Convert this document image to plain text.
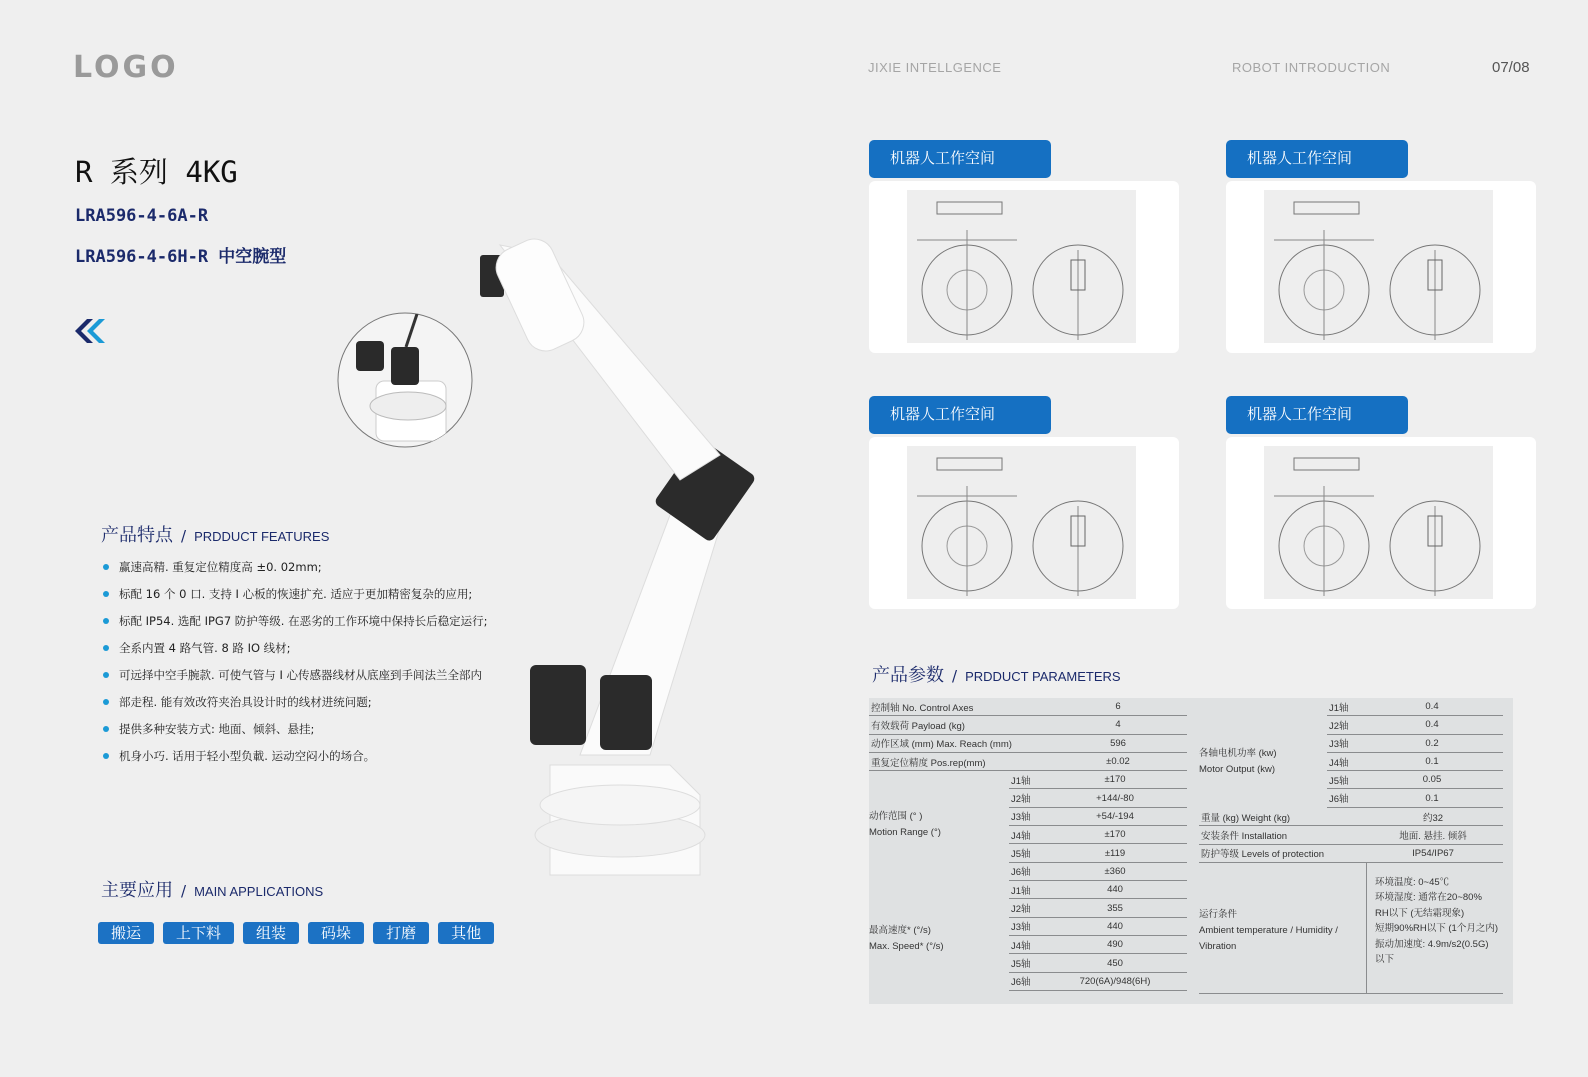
LOGO	JIXIE INTELLGENCE	ROBOT INTRODUCTION	07/08
R 系列 4KG
LRA596-4-6A-R
LRA596-4-6H-R 中空腕型
产品特点 / PRDDUCT FEATURES
赢速高精. 重复定位精度高 ±0. 02mm;
标配 16 个 0 口. 支持 I 心板的恢速扩充. 适应于更加精密复杂的应用;
标配 IP54. 选配 IPG7 防护等级. 在恶劣的工作环境中保持长后稳定运行;
全系内置 4 路气管. 8 路 IO 线材;
可远择中空手腕款. 可使气管与 I 心传感器线材从底座到手闾法兰全部内
部走程. 能有效改符夹治具设计时的线材进统问题;
提供多种安装方式: 地面、倾斜、悬挂;
机身小巧. 话用于轻小型负載. 运动空闷小的场合。
主要应用 / MAIN APPLICATIONS
搬运	上下料	组装	码垛	打磨	其他
机器人工作空间	机器人工作空间
机器人工作空间	机器人工作空间
产品参数 / PRDDUCT PARAMETERS
控制轴 No. Control Axes	6
有效载荷 Payload (kg)	4
动作区域 (mm) Max. Reach (mm)	596
重复定位精度 Pos.rep(mm)	±0.02
动作范围 (° )
Motion Range (°)
J1轴	±170
J2轴	+144/-80
J3轴	+54/-194
J4轴	±170
J5轴	±119
J6轴	±360
最高速度* (°/s)
Max. Speed* (°/s)
J1轴	440
J2轴	355
J3轴	440
J4轴	490
J5轴	450
J6轴	720(6A)/948(6H)
各轴电机功率 (kw)
Motor Output (kw)
J1轴	0.4
J2轴	0.4
J3轴	0.2
J4轴	0.1
J5轴	0.05
J6轴	0.1
重量 (kg) Weight (kg)	约32
安装条件 Installation	地面. 悬挂. 倾斜
防护等级 Levels of protection	IP54/IP67
运行条件
Ambient temperature / Humidity / Vibration
环境温度: 0~45℃
环境湿度: 通常在20~80%
RH以下 (无结霜现象)
短期90%RH以下 (1个月之内)
振动加速度: 4.9m/s2(0.5G)
以下
